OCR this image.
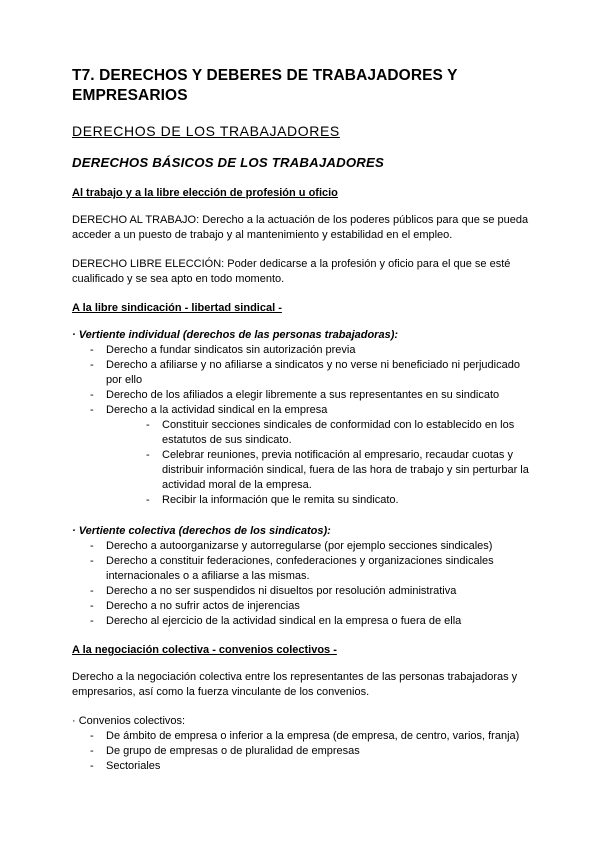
T7. DERECHOS Y DEBERES DE TRABAJADORES Y EMPRESARIOS
DERECHOS DE LOS TRABAJADORES
DERECHOS BÁSICOS DE LOS TRABAJADORES
Al trabajo y a la libre elección de profesión u oficio

DERECHO AL TRABAJO: Derecho a la actuación de los poderes públicos para que se pueda acceder a un puesto de trabajo y al mantenimiento y estabilidad en el empleo.

DERECHO LIBRE ELECCIÓN: Poder dedicarse a la profesión y oficio para el que se esté cualificado y se sea apto en todo momento.

A la libre sindicación - libertad sindical -

· Vertiente individual (derechos de las personas trabajadoras):

- Derecho a fundar sindicatos sin autorización previa
- Derecho a afiliarse y no afiliarse a sindicatos y no verse ni beneficiado ni perjudicado por ello
- Derecho de los afiliados a elegir libremente a sus representantes en su sindicato
- Derecho a la actividad sindical en la empresa
- Constituir secciones sindicales de conformidad con lo establecido en los estatutos de sus sindicato.
- Celebrar reuniones, previa notificación al empresario, recaudar cuotas y distribuir información sindical, fuera de las hora de trabajo y sin perturbar la actividad moral de la empresa.
- Recibir la información que le remita su sindicato.

· Vertiente colectiva (derechos de los sindicatos):

- Derecho a autoorganizarse y autorregularse (por ejemplo secciones sindicales)
- Derecho a constituir federaciones, confederaciones y organizaciones sindicales internacionales o a afiliarse a las mismas.
- Derecho a no ser suspendidos ni disueltos por resolución administrativa
- Derecho a no sufrir actos de injerencias
- Derecho al ejercicio de la actividad sindical en la empresa o fuera de ella
A la negociación colectiva - convenios colectivos -

Derecho a la negociación colectiva entre los representantes de las personas trabajadoras y empresarios, así como la fuerza vinculante de los convenios.

· Convenios colectivos:

- De ámbito de empresa o inferior a la empresa (de empresa, de centro, varios, franja)
- De grupo de empresas o de pluralidad de empresas
- Sectoriales
